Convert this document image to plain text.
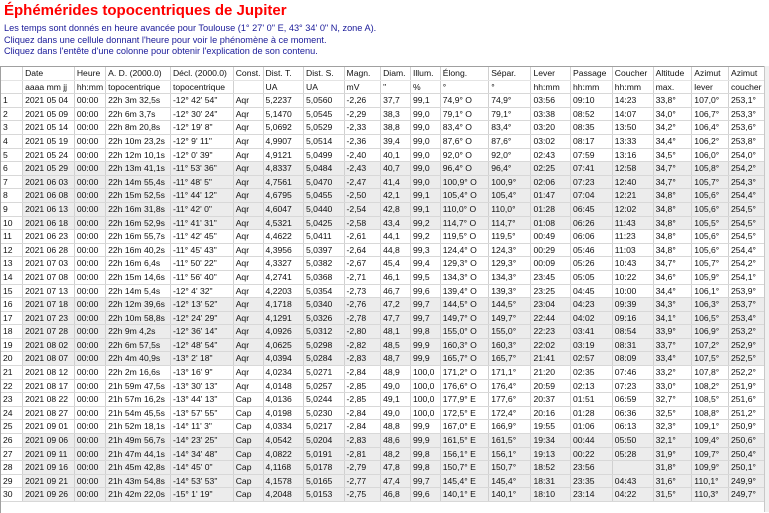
Éphémérides topocentriques de Jupiter
Les temps sont donnés en heure avancée pour Toulouse (1° 27' 0" E, 43° 34' 0" N, zone A).
Cliquez dans une cellule donnant l'heure pour voir le phénomène à ce moment.
Cliquez dans l'entête d'une colonne pour obtenir l'explication de son contenu.
	Date	Heure	A. D. (2000.0)	Décl. (2000.0)	Const.	Dist. T.	Dist. S.	Magn.	Diam.	Illum.	Élong.	Sépar.	Lever	Passage	Coucher	Altitude	Azimut	Azimut
	aaaa mm jj	hh:mm	topocentrique	topocentrique		UA	UA	mV	"	%	°	°	hh:mm	hh:mm	hh:mm	max.	lever	coucher
1	2021 05 04	00:00	22h 3m 32,5s	-12° 42' 54"	Aqr	5,2237	5,0560	-2,26	37,7	99,1	74,9° O	74,9°	03:56	09:10	14:23	33,8°	107,0°	253,1°
2	2021 05 09	00:00	22h 6m 3,7s	-12° 30' 24"	Aqr	5,1470	5,0545	-2,29	38,3	99,0	79,1° O	79,1°	03:38	08:52	14:07	34,0°	106,7°	253,3°
3	2021 05 14	00:00	22h 8m 20,8s	-12° 19' 8"	Aqr	5,0692	5,0529	-2,33	38,8	99,0	83,4° O	83,4°	03:20	08:35	13:50	34,2°	106,4°	253,6°
4	2021 05 19	00:00	22h 10m 23,2s	-12° 9' 11"	Aqr	4,9907	5,0514	-2,36	39,4	99,0	87,6° O	87,6°	03:02	08:17	13:33	34,4°	106,2°	253,8°
5	2021 05 24	00:00	22h 12m 10,1s	-12° 0' 39"	Aqr	4,9121	5,0499	-2,40	40,1	99,0	92,0° O	92,0°	02:43	07:59	13:16	34,5°	106,0°	254,0°
6	2021 05 29	00:00	22h 13m 41,1s	-11° 53' 36"	Aqr	4,8337	5,0484	-2,43	40,7	99,0	96,4° O	96,4°	02:25	07:41	12:58	34,7°	105,8°	254,2°
7	2021 06 03	00:00	22h 14m 55,4s	-11° 48' 5"	Aqr	4,7561	5,0470	-2,47	41,4	99,0	100,9° O	100,9°	02:06	07:23	12:40	34,7°	105,7°	254,3°
8	2021 06 08	00:00	22h 15m 52,5s	-11° 44' 12"	Aqr	4,6795	5,0455	-2,50	42,1	99,1	105,4° O	105,4°	01:47	07:04	12:21	34,8°	105,6°	254,4°
9	2021 06 13	00:00	22h 16m 31,8s	-11° 42' 0"	Aqr	4,6047	5,0440	-2,54	42,8	99,1	110,0° O	110,0°	01:28	06:45	12:02	34,8°	105,6°	254,5°
10	2021 06 18	00:00	22h 16m 52,9s	-11° 41' 31"	Aqr	4,5321	5,0425	-2,58	43,4	99,2	114,7° O	114,7°	01:08	06:26	11:43	34,8°	105,5°	254,5°
11	2021 06 23	00:00	22h 16m 55,7s	-11° 42' 45"	Aqr	4,4622	5,0411	-2,61	44,1	99,2	119,5° O	119,5°	00:49	06:06	11:23	34,8°	105,6°	254,5°
12	2021 06 28	00:00	22h 16m 40,2s	-11° 45' 43"	Aqr	4,3956	5,0397	-2,64	44,8	99,3	124,4° O	124,3°	00:29	05:46	11:03	34,8°	105,6°	254,4°
13	2021 07 03	00:00	22h 16m 6,4s	-11° 50' 22"	Aqr	4,3327	5,0382	-2,67	45,4	99,4	129,3° O	129,3°	00:09	05:26	10:43	34,7°	105,7°	254,2°
14	2021 07 08	00:00	22h 15m 14,6s	-11° 56' 40"	Aqr	4,2741	5,0368	-2,71	46,1	99,5	134,3° O	134,3°	23:45	05:05	10:22	34,6°	105,9°	254,1°
15	2021 07 13	00:00	22h 14m 5,4s	-12° 4' 32"	Aqr	4,2203	5,0354	-2,73	46,7	99,6	139,4° O	139,3°	23:25	04:45	10:00	34,4°	106,1°	253,9°
16	2021 07 18	00:00	22h 12m 39,6s	-12° 13' 52"	Aqr	4,1718	5,0340	-2,76	47,2	99,7	144,5° O	144,5°	23:04	04:23	09:39	34,3°	106,3°	253,7°
17	2021 07 23	00:00	22h 10m 58,8s	-12° 24' 29"	Aqr	4,1291	5,0326	-2,78	47,7	99,7	149,7° O	149,7°	22:44	04:02	09:16	34,1°	106,5°	253,4°
18	2021 07 28	00:00	22h 9m 4,2s	-12° 36' 14"	Aqr	4,0926	5,0312	-2,80	48,1	99,8	155,0° O	155,0°	22:23	03:41	08:54	33,9°	106,9°	253,2°
19	2021 08 02	00:00	22h 6m 57,5s	-12° 48' 54"	Aqr	4,0625	5,0298	-2,82	48,5	99,9	160,3° O	160,3°	22:02	03:19	08:31	33,7°	107,2°	252,9°
20	2021 08 07	00:00	22h 4m 40,9s	-13° 2' 18"	Aqr	4,0394	5,0284	-2,83	48,7	99,9	165,7° O	165,7°	21:41	02:57	08:09	33,4°	107,5°	252,5°
21	2021 08 12	00:00	22h 2m 16,6s	-13° 16' 9"	Aqr	4,0234	5,0271	-2,84	48,9	100,0	171,2° O	171,1°	21:20	02:35	07:46	33,2°	107,8°	252,2°
22	2021 08 17	00:00	21h 59m 47,5s	-13° 30' 13"	Aqr	4,0148	5,0257	-2,85	49,0	100,0	176,6° O	176,4°	20:59	02:13	07:23	33,0°	108,2°	251,9°
23	2021 08 22	00:00	21h 57m 16,2s	-13° 44' 13"	Cap	4,0136	5,0244	-2,85	49,1	100,0	177,9° E	177,6°	20:37	01:51	06:59	32,7°	108,5°	251,6°
24	2021 08 27	00:00	21h 54m 45,5s	-13° 57' 55"	Cap	4,0198	5,0230	-2,84	49,0	100,0	172,5° E	172,4°	20:16	01:28	06:36	32,5°	108,8°	251,2°
25	2021 09 01	00:00	21h 52m 18,1s	-14° 11' 3"	Cap	4,0334	5,0217	-2,84	48,8	99,9	167,0° E	166,9°	19:55	01:06	06:13	32,3°	109,1°	250,9°
26	2021 09 06	00:00	21h 49m 56,7s	-14° 23' 25"	Cap	4,0542	5,0204	-2,83	48,6	99,9	161,5° E	161,5°	19:34	00:44	05:50	32,1°	109,4°	250,6°
27	2021 09 11	00:00	21h 47m 44,1s	-14° 34' 48"	Cap	4,0822	5,0191	-2,81	48,2	99,8	156,1° E	156,1°	19:13	00:22	05:28	31,9°	109,7°	250,4°
28	2021 09 16	00:00	21h 45m 42,8s	-14° 45' 0"	Cap	4,1168	5,0178	-2,79	47,8	99,8	150,7° E	150,7°	18:52	23:56		31,8°	109,9°	250,1°
29	2021 09 21	00:00	21h 43m 54,8s	-14° 53' 53"	Cap	4,1578	5,0165	-2,77	47,4	99,7	145,4° E	145,4°	18:31	23:35	04:43	31,6°	110,1°	249,9°
30	2021 09 26	00:00	21h 42m 22,0s	-15° 1' 19"	Cap	4,2048	5,0153	-2,75	46,8	99,6	140,1° E	140,1°	18:10	23:14	04:22	31,5°	110,3°	249,7°
